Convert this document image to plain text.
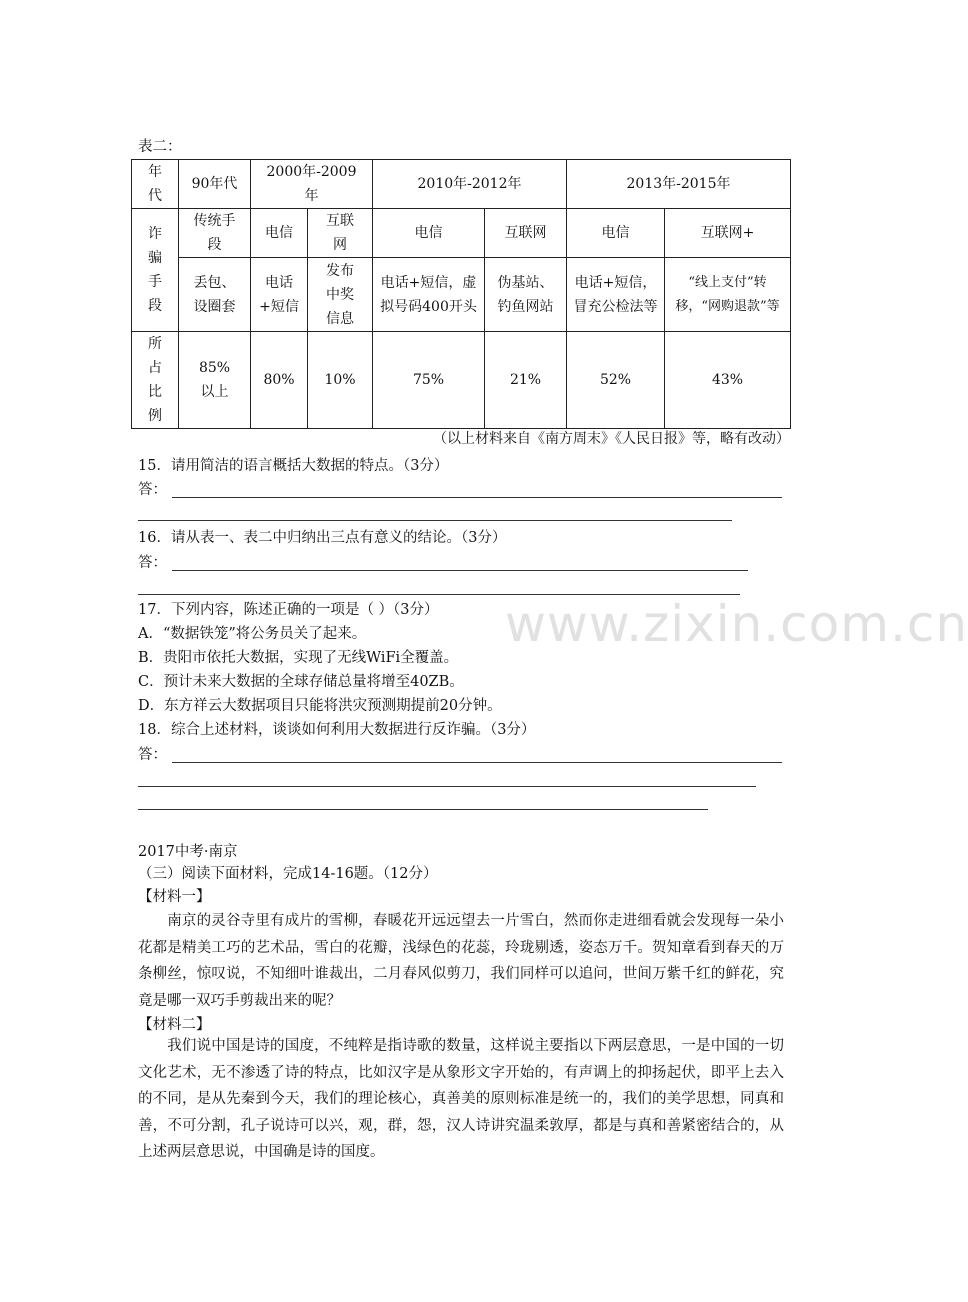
表二：
年代	90年代	2000年-2009年		2010年-2012年		2013年-2015年	
诈骗手段	传统手段	电信	互联网	电信	互联网	电信	互联网+

	丢包、设圈套	电话+短信	发布中奖信息	电话+短信，虚拟号码400开头	伪基站、钓鱼网站	电话+短信，冒充公检法等	“线上支付”转移，“网购退款”等

所占比例	85%以上	80%	10%	75%	21%	52%	43%
（以上材料来自《南方周末》《人民日报》等，略有改动）
15．请用简洁的语言概括大数据的特点。（3分）
答：
16．请从表一、表二中归纳出三点有意义的结论。（3分）
答：
17．下列内容，陈述正确的一项是（ ）（3分）
A．“数据铁笼”将公务员关了起来。
B．贵阳市依托大数据，实现了无线WiFi全覆盖。
C．预计未来大数据的全球存储总量将增至40ZB。
D．东方祥云大数据项目只能将洪灾预测期提前20分钟。
18．综合上述材料，谈谈如何利用大数据进行反诈骗。（3分）
答：
2017中考·南京
（三）阅读下面材料，完成14-16题。（12分）
【材料一】
南京的灵谷寺里有成片的雪柳，春暖花开远远望去一片雪白，然而你走进细看就会发现每一朵小花都是精美工巧的艺术品，雪白的花瓣，浅绿色的花蕊，玲珑剔透，姿态万千。贺知章看到春天的万条柳丝，惊叹说，不知细叶谁裁出，二月春风似剪刀，我们同样可以追问，世间万紫千红的鲜花，究竟是哪一双巧手剪裁出来的呢？
【材料二】
我们说中国是诗的国度，不纯粹是指诗歌的数量，这样说主要指以下两层意思，一是中国的一切文化艺术，无不渗透了诗的特点，比如汉字是从象形文字开始的，有声调上的抑扬起伏，即平上去入的不同，是从先秦到今天，我们的理论核心，真善美的原则标准是统一的，我们的美学思想，同真和善，不可分割，孔子说诗可以兴，观，群，怨，汉人诗讲究温柔敦厚，都是与真和善紧密结合的，从上述两层意思说，中国确是诗的国度。
www.zixin.com.cn
